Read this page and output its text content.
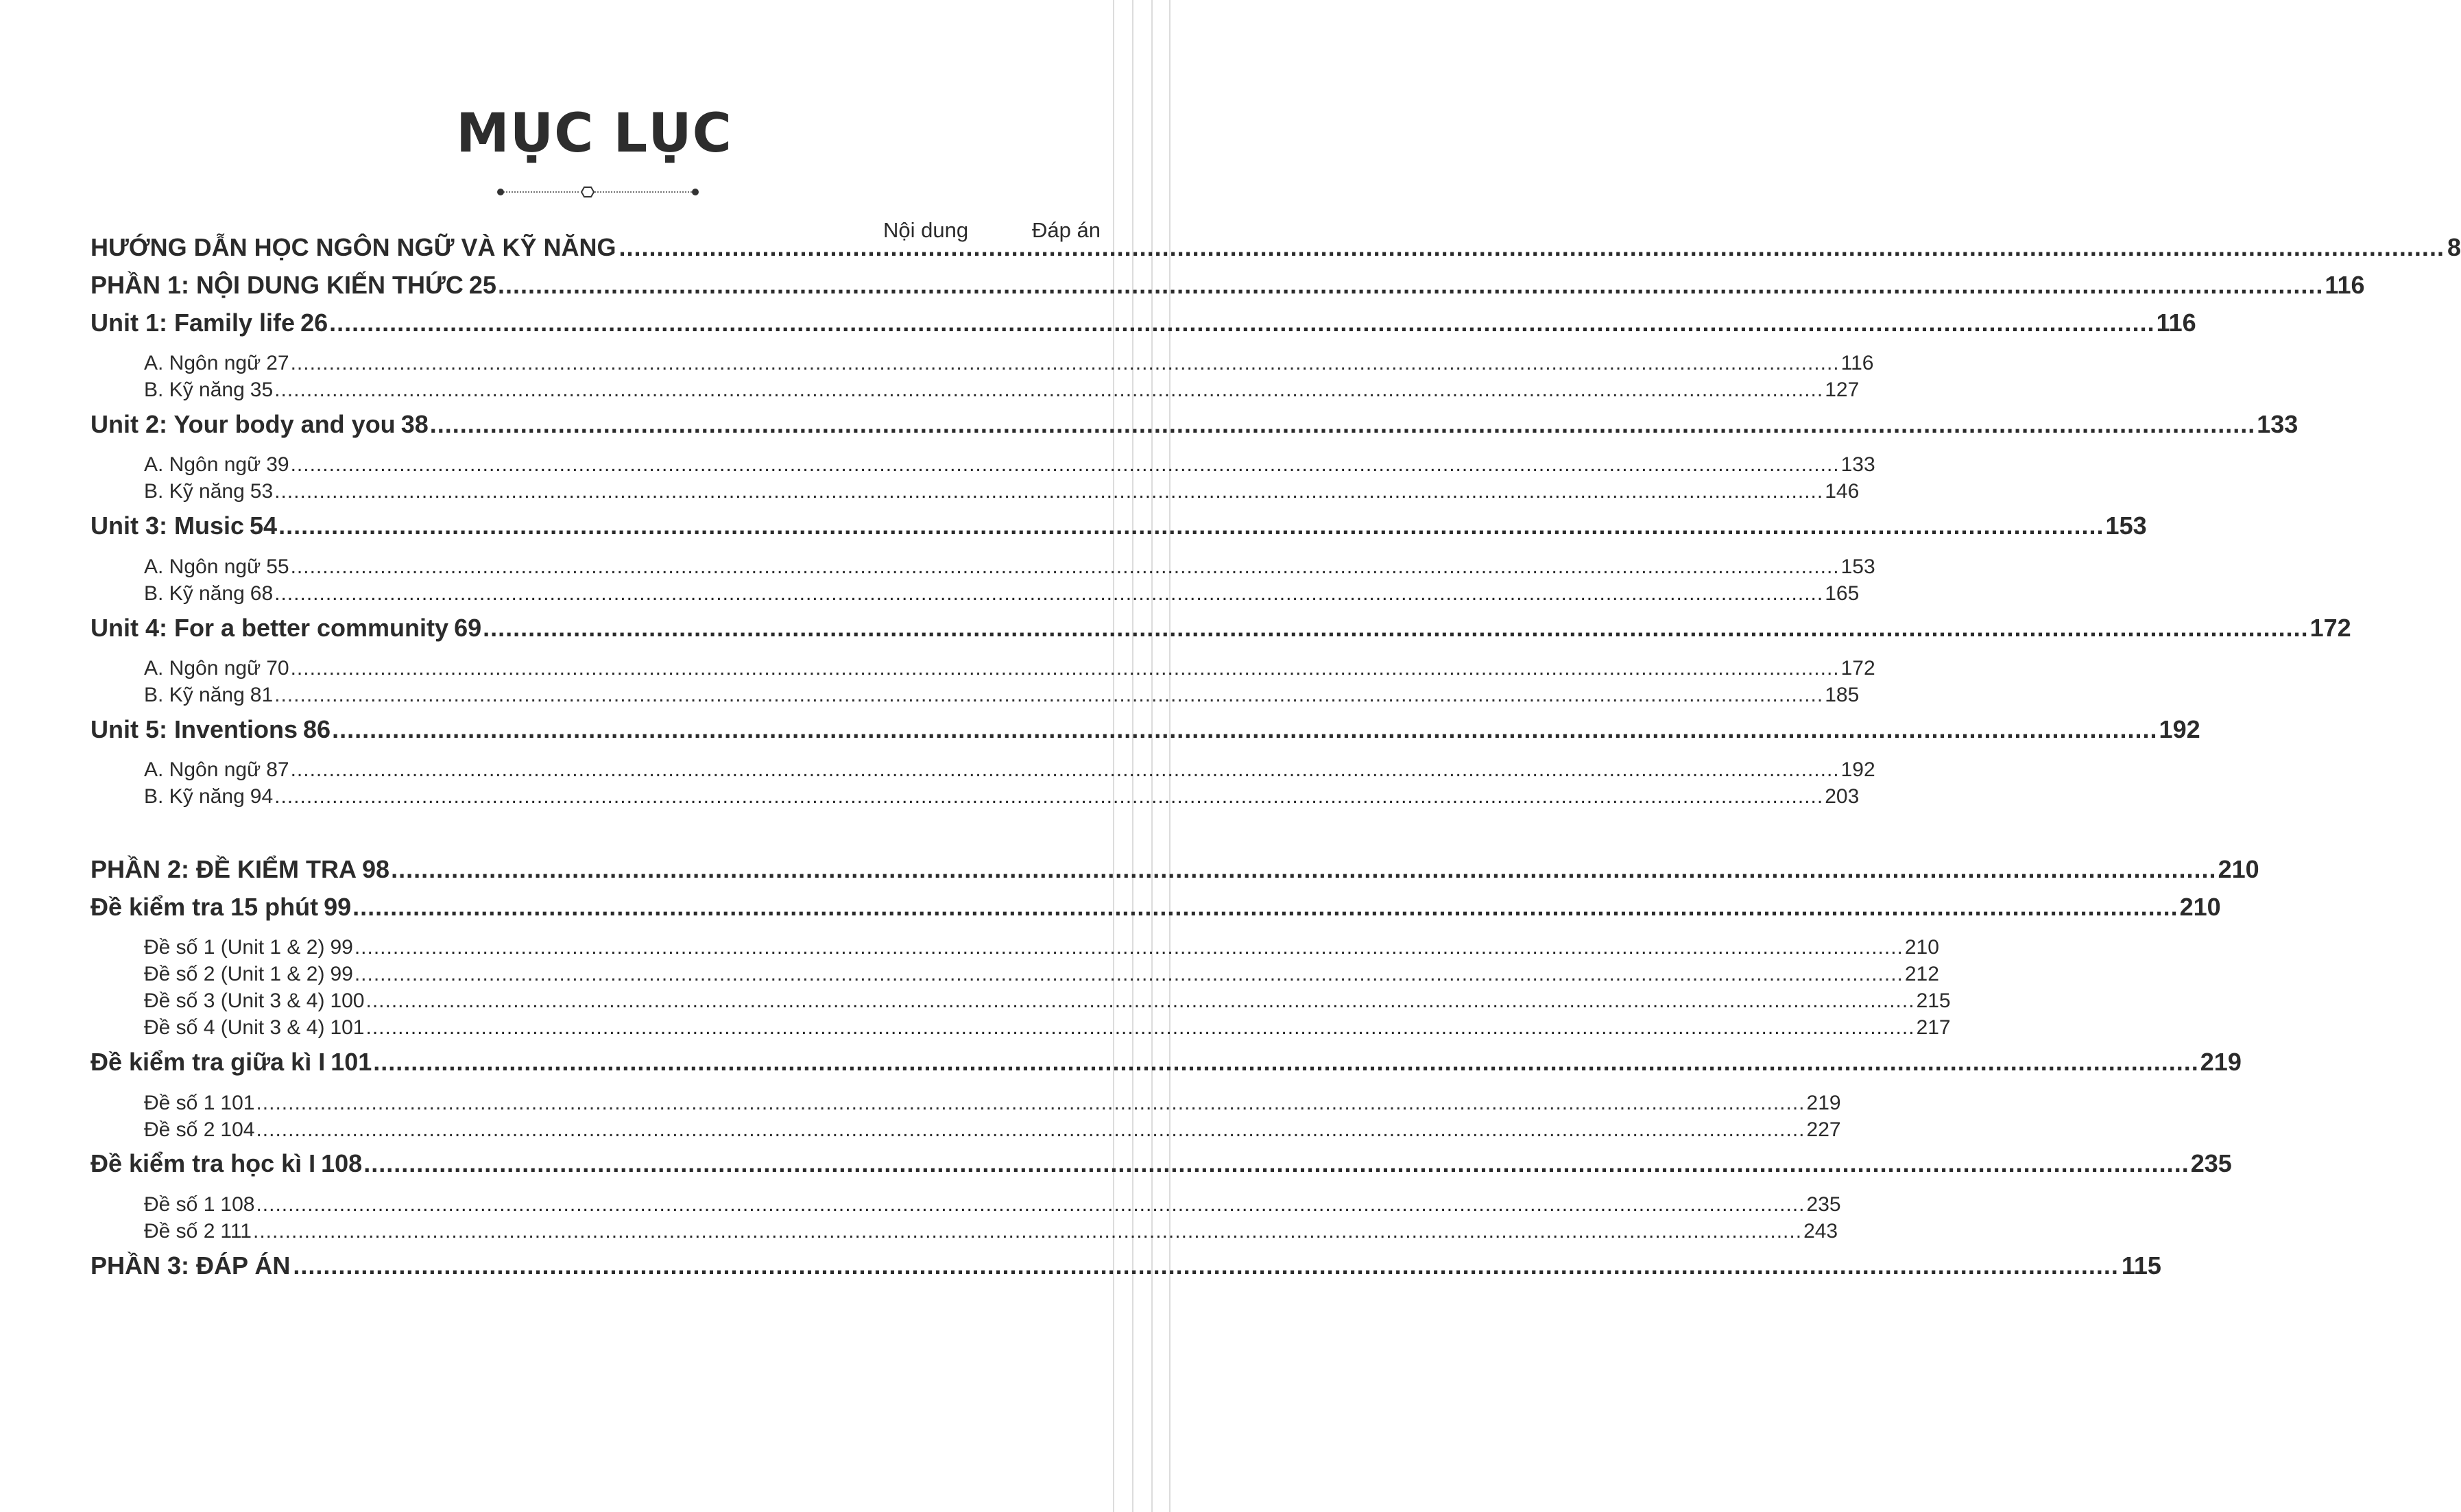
MỤC LỤC
Nội dung	Đáp án
HƯỚNG DẪN HỌC NGÔN NGỮ VÀ KỸ NĂNG .....	8
PHẦN 1: NỘI DUNG KIẾN THỨC 25 .....	116
Unit 1: Family life 26 .....	116
A. Ngôn ngữ 27 .....	116
B. Kỹ năng 35 .....	127
Unit 2: Your body and you 38 .....	133
A. Ngôn ngữ 39 .....	133
B. Kỹ năng 53 .....	146
Unit 3: Music 54 .....	153
A. Ngôn ngữ 55 .....	153
B. Kỹ năng 68 .....	165
Unit 4: For a better community 69 .....	172
A. Ngôn ngữ 70 .....	172
B. Kỹ năng 81 .....	185
Unit 5: Inventions 86 .....	192
A. Ngôn ngữ 87 .....	192
B. Kỹ năng 94 .....	203
PHẦN 2: ĐỀ KIỂM TRA 98 .....	210
Đề kiểm tra 15 phút 99 .....	210
Đề số 1 (Unit 1 & 2) 99 .....	210
Đề số 2 (Unit 1 & 2) 99 .....	212
Đề số 3 (Unit 3 & 4) 100 .....	215
Đề số 4 (Unit 3 & 4) 101 .....	217
Đề kiểm tra giữa kì I 101 .....	219
Đề số 1 101 .....	219
Đề số 2 104 .....	227
Đề kiểm tra học kì I 108 .....	235
Đề số 1 108 .....	235
Đề số 2 111 .....	243
PHẦN 3: ĐÁP ÁN .....	115
